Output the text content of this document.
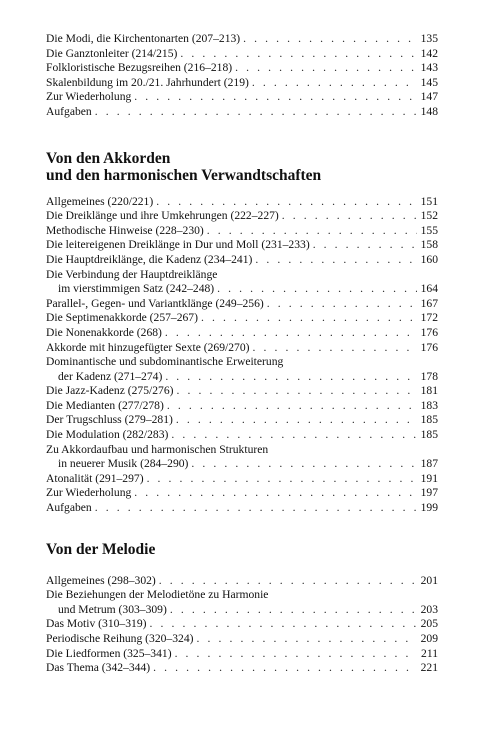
Die Modi, die Kirchentonarten (207–213) . . .	135
Die Ganztonleiter (214/215) . . .	142
Folkloristische Bezugsreihen (216–218) . . .	143
Skalenbildung im 20./21. Jahrhundert (219) . . .	145
Zur Wiederholung . . .	147
Aufgaben . . .	148
Von den Akkorden
und den harmonischen Verwandtschaften
Allgemeines (220/221) . . .	151
Die Dreiklänge und ihre Umkehrungen (222–227) . . .	152
Methodische Hinweise (228–230) . . .	155
Die leitereigenen Dreiklänge in Dur und Moll (231–233) . . .	158
Die Hauptdreiklänge, die Kadenz (234–241) . . .	160
Die Verbindung der Hauptdreiklänge
im vierstimmigen Satz (242–248) . . .	164
Parallel-, Gegen- und Variantklänge (249–256) . . .	167
Die Septimenakkorde (257–267) . . .	172
Die Nonenakkorde (268) . . .	176
Akkorde mit hinzugefügter Sexte (269/270) . . .	176
Dominantische und subdominantische Erweiterung
der Kadenz (271–274) . . .	178
Die Jazz-Kadenz (275/276) . . .	181
Die Medianten (277/278) . . .	183
Der Trugschluss (279–281) . . .	185
Die Modulation (282/283) . . .	185
Zu Akkordaufbau und harmonischen Strukturen
in neuerer Musik (284–290) . . .	187
Atonalität (291–297) . . .	191
Zur Wiederholung . . .	197
Aufgaben . . .	199
Von der Melodie
Allgemeines (298–302) . . .	201
Die Beziehungen der Melodietöne zu Harmonie
und Metrum (303–309) . . .	203
Das Motiv (310–319) . . .	205
Periodische Reihung (320–324) . . .	209
Die Liedformen (325–341) . . .	211
Das Thema (342–344) . . .	221
